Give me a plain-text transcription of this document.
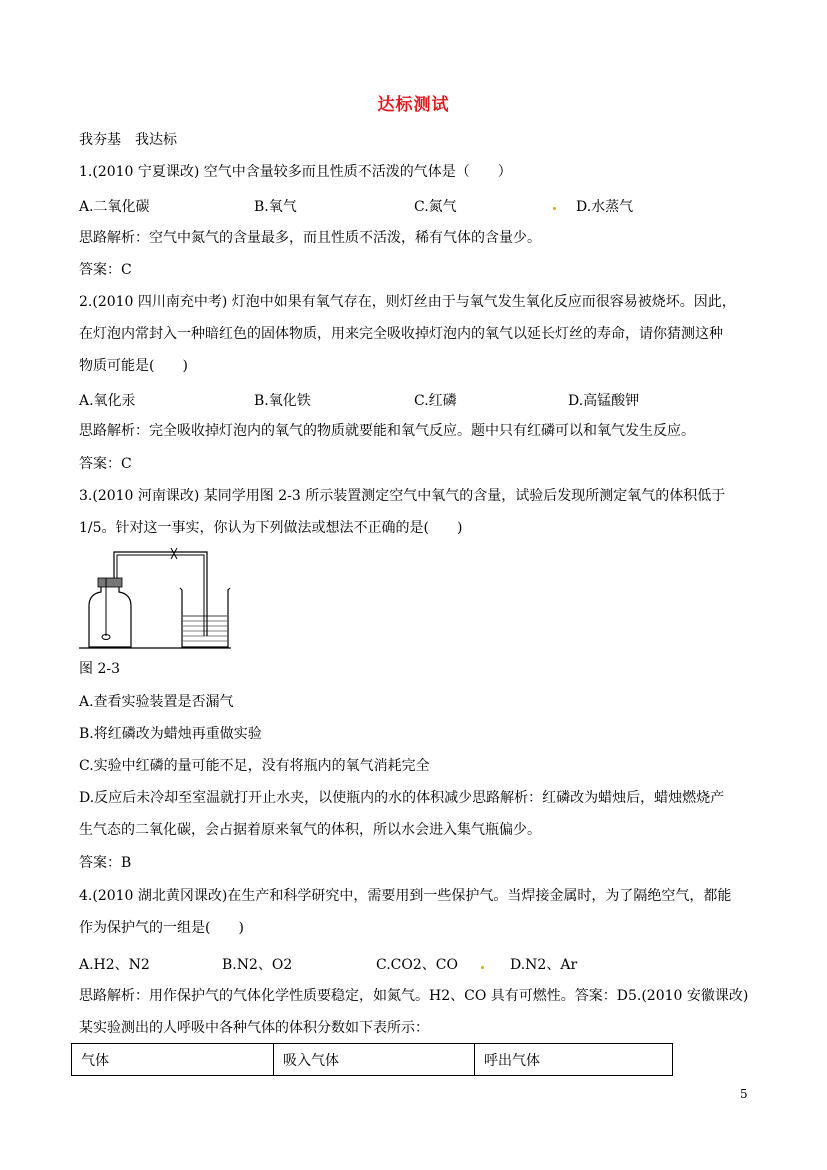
达标测试
我夯基　我达标
1.(2010 宁夏课改) 空气中含量较多而且性质不活泼的气体是（　　）
A.二氧化碳	B.氧气	C.氮气	D.水蒸气
思路解析：空气中氮气的含量最多，而且性质不活泼，稀有气体的含量少。
答案：C
2.(2010 四川南充中考) 灯泡中如果有氧气存在，则灯丝由于与氧气发生氧化反应而很容易被烧坏。因此，
在灯泡内常封入一种暗红色的固体物质，用来完全吸收掉灯泡内的氧气以延长灯丝的寿命，请你猜测这种
物质可能是(　　)
A.氧化汞	B.氧化铁	C.红磷	D.高锰酸钾
思路解析：完全吸收掉灯泡内的氧气的物质就要能和氧气反应。题中只有红磷可以和氧气发生反应。
答案：C
3.(2010 河南课改) 某同学用图 2-3 所示装置测定空气中氧气的含量，试验后发现所测定氧气的体积低于
1/5。针对这一事实，你认为下列做法或想法不正确的是(　　)
图 2-3
A.查看实验装置是否漏气
B.将红磷改为蜡烛再重做实验
C.实验中红磷的量可能不足，没有将瓶内的氧气消耗完全
D.反应后未冷却至室温就打开止水夹，以使瓶内的水的体积减少思路解析：红磷改为蜡烛后，蜡烛燃烧产
生气态的二氧化碳，会占据着原来氧气的体积，所以水会进入集气瓶偏少。
答案：B
4.(2010 湖北黄冈课改)在生产和科学研究中，需要用到一些保护气。当焊接金属时，为了隔绝空气，都能
作为保护气的一组是(　　)
A.H2、N2	B.N2、O2	C.CO2、CO	D.N2、Ar
思路解析：用作保护气的气体化学性质要稳定，如氮气。H2、CO 具有可燃性。答案：D5.(2010 安徽课改)
某实验测出的人呼吸中各种气体的体积分数如下表所示：
气体	吸入气体	呼出气体
5
